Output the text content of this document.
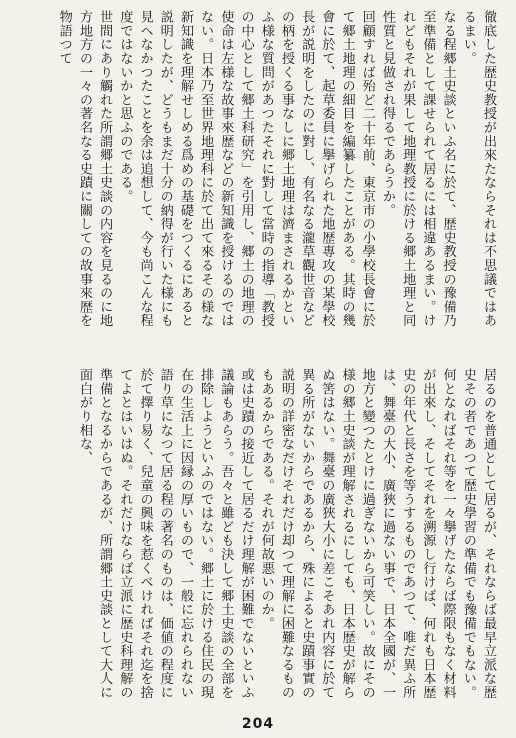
徹底した歴史教授が出來たならそれは不思議ではあるまい。

なる程郷土史談といふ名に於て、歴史教授の豫備乃至準備として課せられて居るには相違あるまい。けれどもそれが果して地理教授に於ける郷土地理と同性質と見做され得るであらうか。

回顧すれば殆ど二十年前、東京市の小學校長會に於て郷土地理の細目を編纂したことがある。其時の幾會に於て、起草委員に擧げられた地歴專攻の某學校長が説明をしたのに對し、有名なる瀧草觀世音などの柄を授くる事なしに郷土地理は濟まされるかといふ様な質問があつたそれに對して當時の指導「教授の中心として郷土科研究」を引用し、郷土の地理の使命は左様な故事來歴などの新知識を授けるのではない。日本乃至世界地理科に於て出て來るその様な新知識を理解せしめる爲めの基礎をつくるにあると説明したが、どうもまだ十分の納得が行いた様にも見へなかつたことを余は追想して、今も尚こんな程度ではないかと思ふのである。

世間にあり觸れた所謂郷土史談の内容を見るのに地方地方の一々の著名なる史蹟に關しての故事來歴を物語つて

居るのを普通として居るが、それならば最早立派な歴史その者であつて歴史學習の準備でも豫備でもない。何となればそれ等を一々擧げたならば際限もなく材料が出來し、そしてそれを溯源し行けば、何れも日本歴史の年代と長さを等うするものであつて、唯だ異ふ所は、舞臺の大小、廣狹に過ない事で、日本全國が、一地方と變つたとけに過ぎないから可笑しい。故にその様の郷土史談が理解されるにしても、日本歴史が解らぬ筈はない。舞臺の廣狹大小に差こそあれ内容に於て異る所がないからであるから、殊によると史蹟事實の説明の詳密なだけそれだけ却つて理解に困難なるものもあるからである。それが何故悪いのか。

或は史蹟の接近して居るだけ理解が困難でないといふ議論もあらう。吾々と雖ども決して郷土史談の全部を排除しようといふのではない。郷土に於ける住民の現在の生活上に因縁の厚いもので、一般に忘れられない語り草になつて居る程の著名のものは、価値の程度に於て擇り易く、兒童の興味を惹くべければそれ迄を捨てよとはいはぬ。それだけならば立派に歴史科理解の準備となるからであるが、所謂郷土史談として大人に面白がり相な、

204
